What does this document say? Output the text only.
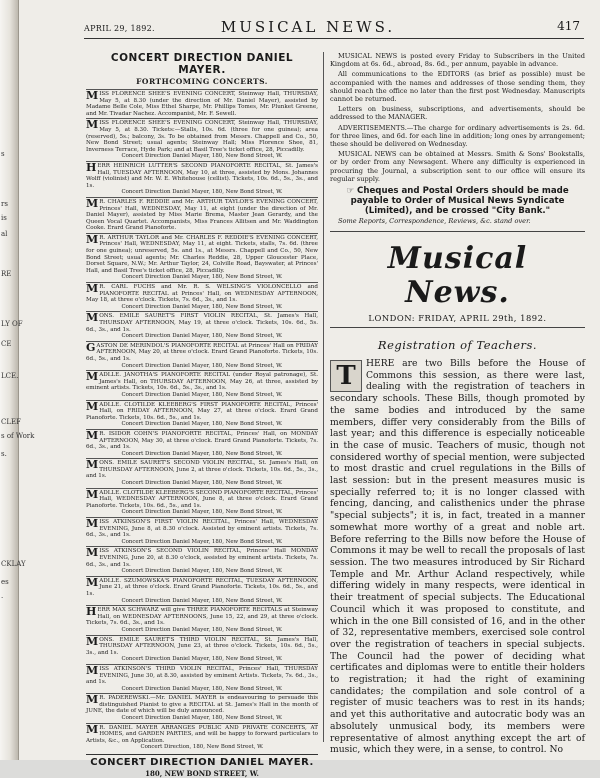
s
rs
is
al
RE
LY OF
CE
LCE.
CLEF
s of Work
s.
CKLAY
es
.
APRIL 29, 1892.	MUSICAL NEWS.	417
CONCERT DIRECTION DANIEL MAYER.
FORTHCOMING CONCERTS.
MISS FLORENCE SHEE'S EVENING CONCERT, Steinway Hall, THURSDAY, May 5, at 8.30 (under the direction of Mr. Daniel Mayer), assisted by Madame Belle Cole, Miss Ethel Sharpe, Mr. Phillips Tomes, Mr. Plunket Greene, and Mr. Tivadar Nachez. Accompanist, Mr. F. Sewell.
MISS FLORENCE SHEE'S EVENING CONCERT, Steinway Hall, THURSDAY, May 5, at 8.30. Tickets:—Stalls, 10s. 6d. (three for one guinea); area (reserved), 5s.; balcony, 3s. To be obtained from Messrs. Chappell and Co., 50, New Bond Street; usual agents; Steinway Hall; Miss Florence Shee, 81, Inverness Terrace, Hyde Park; and at Basil Tree's ticket office, 28, Piccadilly.
Concert Direction Daniel Mayer, 180, New Bond Street, W.
HERR HEINRICH LUTTER'S SECOND PIANOFORTE RECITAL, St. James's Hall, TUESDAY AFTERNOON, May 10, at three, assisted by Mons. Johannes Wolff (violinist) and Mr. W. E. Whitehouse (cellist). Tickets, 10s. 6d., 5s., 3s., and 1s.
Concert Direction Daniel Mayer, 180, New Bond Street, W.
M R. CHARLES F. REDDIE and Mr. ARTHUR TAYLOR'S EVENING CONCERT, Princes' Hall, WEDNESDAY, May 11, at eight (under the direction of Mr. Daniel Mayer), assisted by Miss Marie Brema, Master Jean Gerardy, and the Queen Vocal Quartet. Accompanists, Miss Frances Allitsen and Mr. Waddington Cooke. Erard Grand Pianoforte.
M R. ARTHUR TAYLOR and Mr. CHARLES F. REDDIE'S EVENING CONCERT, Princes' Hall, WEDNESDAY, May 11, at eight. Tickets, stalls, 7s. 6d. (three for one guinea); unreserved, 5s. and 1s., at Messrs. Chappell and Co., 50, New Bond Street; usual agents; Mr. Charles Reddie, 28, Upper Gloucester Place, Dorset Square, N.W.; Mr. Arthur Taylor, 24, Colville Road, Bayswater, at Princes' Hall, and Basil Tree's ticket office, 28, Piccadilly.
Concert Direction Daniel Mayer, 180, New Bond Street, W.
M R. CARL FUCHS and Mr. R. S. WELSING'S VIOLONCELLO and PIANOFORTE RECITAL at Princes' Hall, on WEDNESDAY AFTERNOON, May 18, at three o'clock. Tickets, 7s. 6d., 3s., and 1s.
Concert Direction Daniel Mayer, 180, New Bond Street, W.
MONS. EMILE SAURET'S FIRST VIOLIN RECITAL, St. James's Hall, THURSDAY AFTERNOON, May 19, at three o'clock. Tickets, 10s. 6d., 5s. 6d., 3s., and 1s.
Concert Direction Daniel Mayer, 180, New Bond Street, W.
GASTON DE MERINDOL'S PIANOFORTE RECITAL at Princes' Hall on FRIDAY AFTERNOON, May 20, at three o'clock. Erard Grand Pianoforte. Tickets, 10s. 6d., 5s., and 1s.
Concert Direction Daniel Mayer, 180, New Bond Street, W.
MADLLE. JANOTHA'S PIANOFORTE RECITAL (under Royal patronage), St. James's Hall, on THURSDAY AFTERNOON, May 26, at three, assisted by eminent artists. Tickets, 10s. 6d., 5s., 3s., and 1s.
Concert Direction Daniel Mayer, 180, New Bond Street, W.
MADLLE. CLOTILDE KLEEBERG'S FIRST PIANOFORTE RECITAL, Princes' Hall, on FRIDAY AFTERNOON, May 27, at three o'clock. Erard Grand Pianoforte. Tickets, 10s. 6d., 5s., and 1s.
Concert Direction Daniel Mayer, 180, New Bond Street, W.
M R. ISIDOR COHN'S PIANOFORTE RECITAL, Princes' Hall, on MONDAY AFTERNOON, May 30, at three o'clock. Erard Grand Pianoforte. Tickets, 7s. 6d., 3s., and 1s.
Concert Direction Daniel Mayer, 180, New Bond Street, W.
MONS. EMILE SAURET'S SECOND VIOLIN RECITAL, St. James's Hall, on THURSDAY AFTERNOON, June 2, at three o'clock. Tickets, 10s. 6d., 5s., 3s., and 1s.
Concert Direction Daniel Mayer, 180, New Bond Street, W.
MADLLE. CLOTILDE KLEEBERG'S SECOND PIANOFORTE RECITAL, Princes' Hall, WEDNESDAY AFTERNOON, June 8, at three o'clock. Erard Grand Pianoforte. Tickets, 10s. 6d., 5s., and 1s.
Concert Direction Daniel Mayer, 180, New Bond Street, W.
MISS ATKINSON'S FIRST VIOLIN RECITAL, Princes' Hall, WEDNESDAY EVENING, June 8, at 8.30 o'clock. Assisted by eminent artists. Tickets, 7s. 6d., 3s., and 1s.
Concert Direction Daniel Mayer, 180, New Bond Street, W.
MISS ATKINSON'S SECOND VIOLIN RECITAL, Princes' Hall MONDAY EVENING, June 20, at 8.30 o'clock, assisted by eminent artists. Tickets, 7s. 6d., 3s., and 1s.
Concert Direction Daniel Mayer, 180, New Bond Street, W.
MADLLE. SZUMOWSKA'S PIANOFORTE RECITAL, TUESDAY AFTERNOON, June 21, at three o'clock. Erard Grand Pianoforte. Tickets, 10s. 6d., 5s., and 1s.
Concert Direction Daniel Mayer, 180, New Bond Street, W.
HERR MAX SCHWARZ will give THREE PIANOFORTE RECITALS at Steinway Hall, on WEDNESDAY AFTERNOONS, June 15, 22, and 29, at three o'clock. Tickets, 7s. 6d., 3s., and 1s.
Concert Direction Daniel Mayer, 180, New Bond Street, W.
MONS. EMILE SAURET'S THIRD VIOLIN RECITAL, St. James's Hall, THURSDAY AFTERNOON, June 23, at three o'clock. Tickets, 10s. 6d., 5s., 3s., and 1s.
Concert Direction Daniel Mayer, 180, New Bond Street, W.
MISS ATKINSON'S THIRD VIOLIN RECITAL, Princes' Hall, THURSDAY EVENING, June 30, at 8.30, assisted by eminent Artists. Tickets, 7s. 6d., 3s., and 1s.
Concert Direction Daniel Mayer, 180, New Bond Street, W.
M R. PADEREWSKI.—Mr. DANIEL MAYER is endeavouring to persuade this distinguished Pianist to give a RECITAL at St. James's Hall in the month of JUNE, the date of which will be duly announced.
Concert Direction Daniel Mayer, 180, New Bond Street, W.
M R. DANIEL MAYER ARRANGES PUBLIC AND PRIVATE CONCERTS, AT HOMES, and GARDEN PARTIES, and will be happy to forward particulars to Artists, &c., on Application.
Concert Direction, 180, New Bond Street, W.
CONCERT DIRECTION DANIEL MAYER.
180, NEW BOND STREET, W.

MUSICAL NEWS is posted every Friday to Subscribers in the United Kingdom at 6s. 6d., abroad, 8s. 6d., per annum, payable in advance.

All communications to the EDITORS (as brief as possible) must be accompanied with the names and addresses of those sending them, they should reach the office no later than the first post Wednesday. Manuscripts cannot be returned.

Letters on business, subscriptions, and advertisements, should be addressed to the MANAGER.

ADVERTISEMENTS.—The charge for ordinary advertisements is 2s. 6d. for three lines, and 6d. for each line in addition; long ones by arrangement; these should be delivered on Wednesday.

MUSICAL NEWS can be obtained at Messrs. Smith & Sons' Bookstalls, or by order from any Newsagent. Where any difficulty is experienced in procuring the Journal, a subscription sent to our office will ensure its regular supply.

☞ Cheques and Postal Orders should be made payable to Order of Musical News Syndicate (Limited), and be crossed "City Bank."
Some Reports, Correspondence, Reviews, &c. stand over.
Musical News.
LONDON: FRIDAY, APRIL 29th, 1892.
Registration of Teachers.
T	HERE are two Bills before the House of Commons this session, as there were last, dealing with the registration of teachers in secondary schools. These Bills, though promoted by the same bodies and introduced by the same members, differ very considerably from the Bills of last year; and this difference is especially noticeable in the case of music. Teachers of music, though not considered worthy of special mention, were subjected to most drastic and cruel regulations in the Bills of last session: but in the present measures music is specially referred to; it is no longer classed with fencing, dancing, and calisthenics under the phrase "special subjects"; it is, in fact, treated in a manner somewhat more worthy of a great and noble art. Before referring to the Bills now before the House of Commons it may be well to recall the proposals of last session. The two measures introduced by Sir Richard Temple and Mr. Arthur Acland respectively, while differing widely in many respects, were identical in their treatment of special subjects. The Educational Council which it was proposed to constitute, and which in the one Bill consisted of 16, and in the other of 32, representative members, exercised sole control over the registration of teachers in special subjects. The Council had the power of deciding what certificates and diplomas were to entitle their holders to registration; it had the right of examining candidates; the compilation and sole control of a register of music teachers was to rest in its hands; and yet this authoritative and autocratic body was an absolutely unmusical body, its members were representative of almost anything except the art of music, which they were, in a sense, to control. No
